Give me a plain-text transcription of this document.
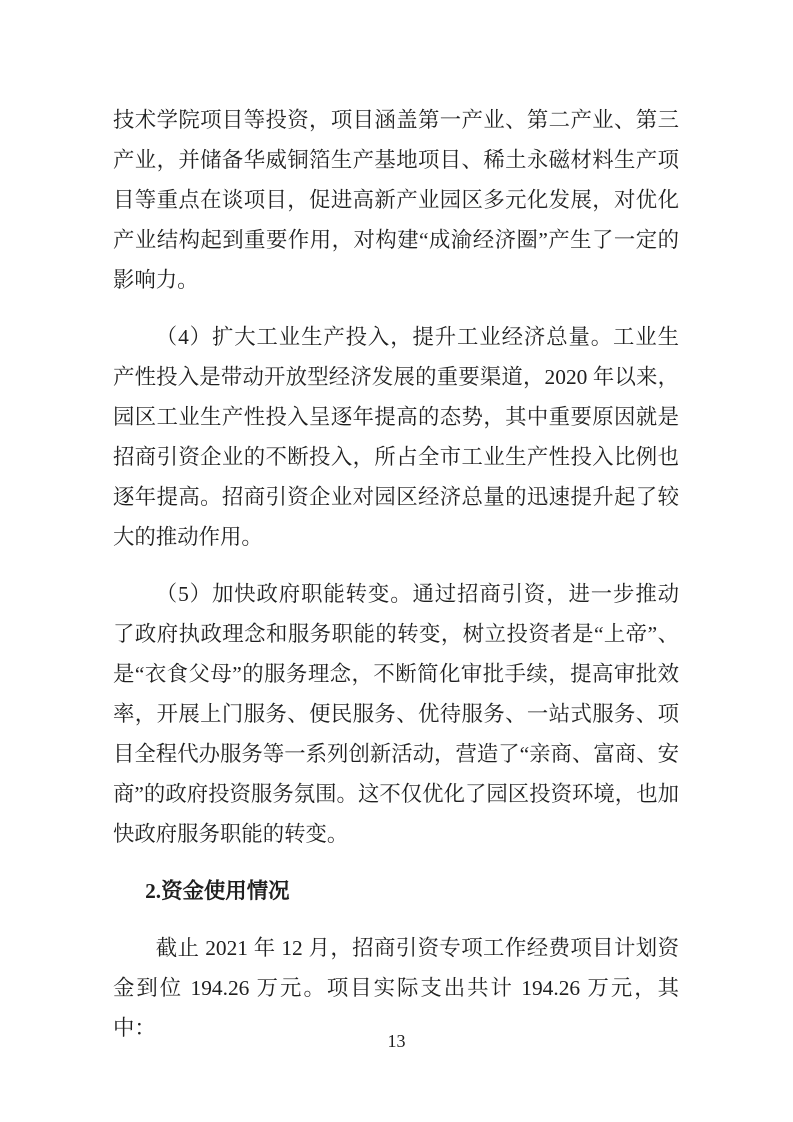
技术学院项目等投资，项目涵盖第一产业、第二产业、第三产业，并储备华威铜箔生产基地项目、稀土永磁材料生产项目等重点在谈项目，促进高新产业园区多元化发展，对优化产业结构起到重要作用，对构建“成渝经济圈”产生了一定的影响力。

（4）扩大工业生产投入，提升工业经济总量。工业生产性投入是带动开放型经济发展的重要渠道，2020 年以来，园区工业生产性投入呈逐年提高的态势，其中重要原因就是招商引资企业的不断投入，所占全市工业生产性投入比例也逐年提高。招商引资企业对园区经济总量的迅速提升起了较大的推动作用。

（5）加快政府职能转变。通过招商引资，进一步推动了政府执政理念和服务职能的转变，树立投资者是“上帝”、是“衣食父母”的服务理念，不断简化审批手续，提高审批效率，开展上门服务、便民服务、优待服务、一站式服务、项目全程代办服务等一系列创新活动，营造了“亲商、富商、安商”的政府投资服务氛围。这不仅优化了园区投资环境，也加快政府服务职能的转变。

2.资金使用情况

截止 2021 年 12 月，招商引资专项工作经费项目计划资金到位 194.26 万元。项目实际支出共计 194.26 万元，其中：

13
